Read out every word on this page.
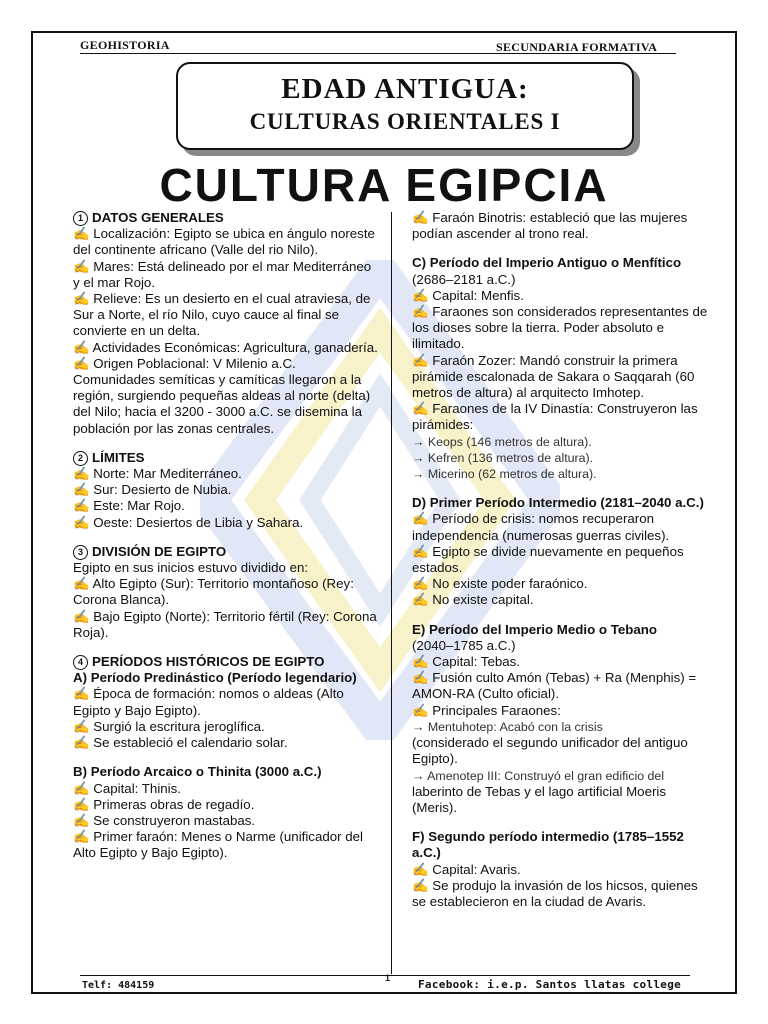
GEOHISTORIA	SECUNDARIA FORMATIVA
EDAD ANTIGUA:
CULTURAS ORIENTALES I
CULTURA EGIPCIA

1 DATOS GENERALES

✍ Localización: Egipto se ubica en ángulo noreste del continente africano (Valle del rio Nilo).

✍ Mares: Está delineado por el mar Mediterráneo y el mar Rojo.

✍ Relieve: Es un desierto en el cual atraviesa, de Sur a Norte, el río Nilo, cuyo cauce al final se convierte en un delta.

✍ Actividades Económicas: Agricultura, ganadería.

✍ Origen Poblacional: V Milenio a.C. Comunidades semíticas y camíticas llegaron a la región, surgiendo pequeñas aldeas al norte (delta) del Nilo; hacia el 3200 - 3000 a.C. se disemina la población por las zonas centrales.

2 LÍMITES

✍ Norte: Mar Mediterráneo.

✍ Sur: Desierto de Nubia.

✍ Este: Mar Rojo.

✍ Oeste: Desiertos de Libia y Sahara.

3 DIVISIÓN DE EGIPTO

Egipto en sus inicios estuvo dividido en:

✍ Alto Egipto (Sur): Territorio montañoso (Rey: Corona Blanca).

✍ Bajo Egipto (Norte): Territorio fértil (Rey: Corona Roja).

4 PERÍODOS HISTÓRICOS DE EGIPTO

A) Período Predinástico (Período legendario)

✍ Época de formación: nomos o aldeas (Alto Egipto y Bajo Egipto).

✍ Surgió la escritura jeroglífica.

✍ Se estableció el calendario solar.

B) Período Arcaico o Thinita (3000 a.C.)

✍ Capital: Thinis.

✍ Primeras obras de regadío.

✍ Se construyeron mastabas.

✍ Primer faraón: Menes o Narme (unificador del Alto Egipto y Bajo Egipto).

✍ Faraón Binotris: estableció que las mujeres podían ascender al trono real.

C) Período del Imperio Antiguo o Menfítico

(2686–2181 a.C.)

✍ Capital: Menfis.

✍ Faraones son considerados representantes de los dioses sobre la tierra. Poder absoluto e ilimitado.

✍ Faraón Zozer: Mandó construir la primera pirámide escalonada de Sakara o Saqqarah (60 metros de altura) al arquitecto Imhotep.

✍ Faraones de la IV Dinastía: Construyeron las pirámides:

→ Keops (146 metros de altura).

→ Kefren (136 metros de altura).

→ Micerino (62 metros de altura).

D) Primer Período Intermedio (2181–2040 a.C.)

✍ Período de crisis: nomos recuperaron independencia (numerosas guerras civiles).

✍ Egipto se divide nuevamente en pequeños estados.

✍ No existe poder faraónico.

✍ No existe capital.

E) Período del Imperio Medio o Tebano

(2040–1785 a.C.)

✍ Capital: Tebas.

✍ Fusión culto Amón (Tebas) + Ra (Menphis) = AMON-RA (Culto oficial).

✍ Principales Faraones:

→ Mentuhotep: Acabó con la crisis

(considerado el segundo unificador del antiguo Egipto).

→ Amenotep III: Construyó el gran edificio del

laberinto de Tebas y el lago artificial Moeris (Meris).

F) Segundo período intermedio (1785–1552 a.C.)

✍ Capital: Avaris.

✍ Se produjo la invasión de los hicsos, quienes se establecieron en la ciudad de Avaris.

Telf: 484159
1	Facebook: i.e.p. Santos llatas college
